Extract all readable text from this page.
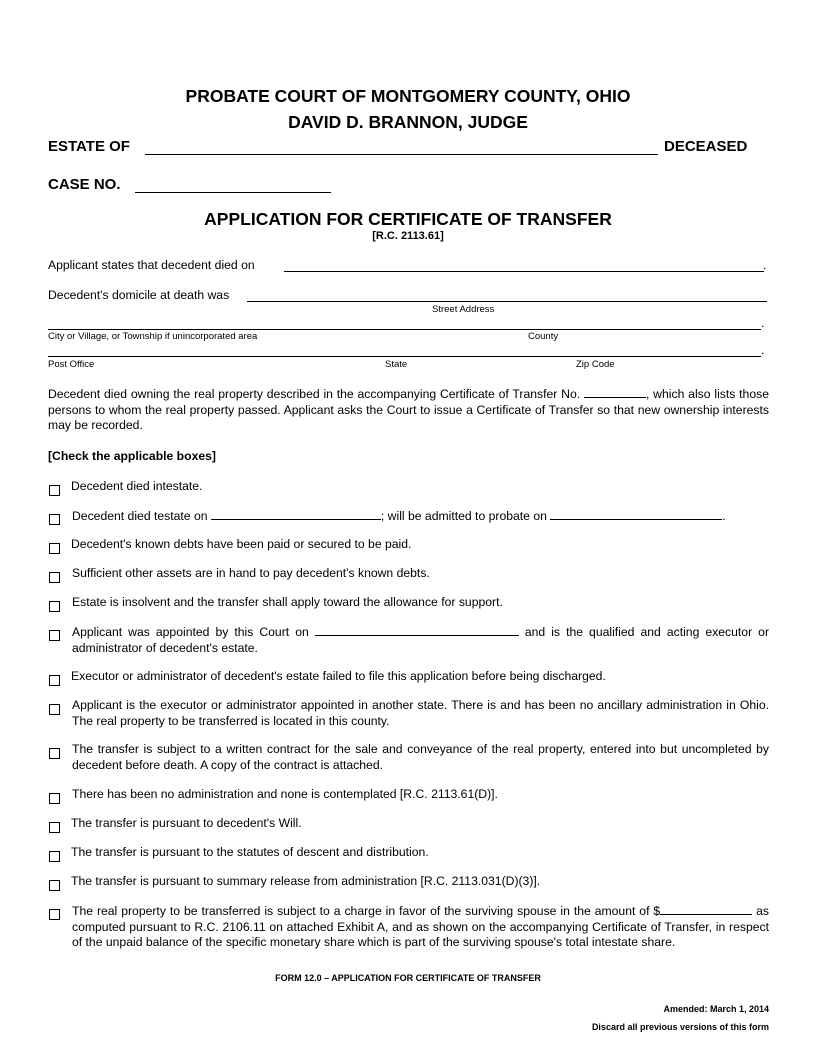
PROBATE COURT OF MONTGOMERY COUNTY, OHIO
DAVID D. BRANNON, JUDGE
ESTATE OF	DECEASED
CASE NO.
APPLICATION FOR CERTIFICATE OF TRANSFER
[R.C. 2113.61]
Applicant states that decedent died on	.
Decedent's domicile at death was
Street Address
.
City or Village, or Township if unincorporated area	County
.
Post Office	State	Zip Code
Decedent died owning the real property described in the accompanying Certificate of Transfer No.	, which also lists those persons to whom the real property passed. Applicant asks the Court to issue a Certificate of Transfer so that new ownership interests may be recorded.
[Check the applicable boxes]
Decedent died intestate.
Decedent died testate on	; will be admitted to probate on	.
Decedent's known debts have been paid or secured to be paid.
Sufficient other assets are in hand to pay decedent's known debts.
Estate is insolvent and the transfer shall apply toward the allowance for support.
Applicant was appointed by this Court on	and is the qualified and acting executor or administrator of decedent's estate.
Executor or administrator of decedent's estate failed to file this application before being discharged.
Applicant is the executor or administrator appointed in another state. There is and has been no ancillary administration in Ohio. The real property to be transferred is located in this county.
The transfer is subject to a written contract for the sale and conveyance of the real property, entered into but uncompleted by decedent before death. A copy of the contract is attached.
There has been no administration and none is contemplated [R.C. 2113.61(D)].
The transfer is pursuant to decedent's Will.
The transfer is pursuant to the statutes of descent and distribution.
The transfer is pursuant to summary release from administration [R.C. 2113.031(D)(3)].
The real property to be transferred is subject to a charge in favor of the surviving spouse in the amount of $	as computed pursuant to R.C. 2106.11 on attached Exhibit A, and as shown on the accompanying Certificate of Transfer, in respect of the unpaid balance of the specific monetary share which is part of the surviving spouse's total intestate share.
FORM 12.0 – APPLICATION FOR CERTIFICATE OF TRANSFER
Amended: March 1, 2014
Discard all previous versions of this form
